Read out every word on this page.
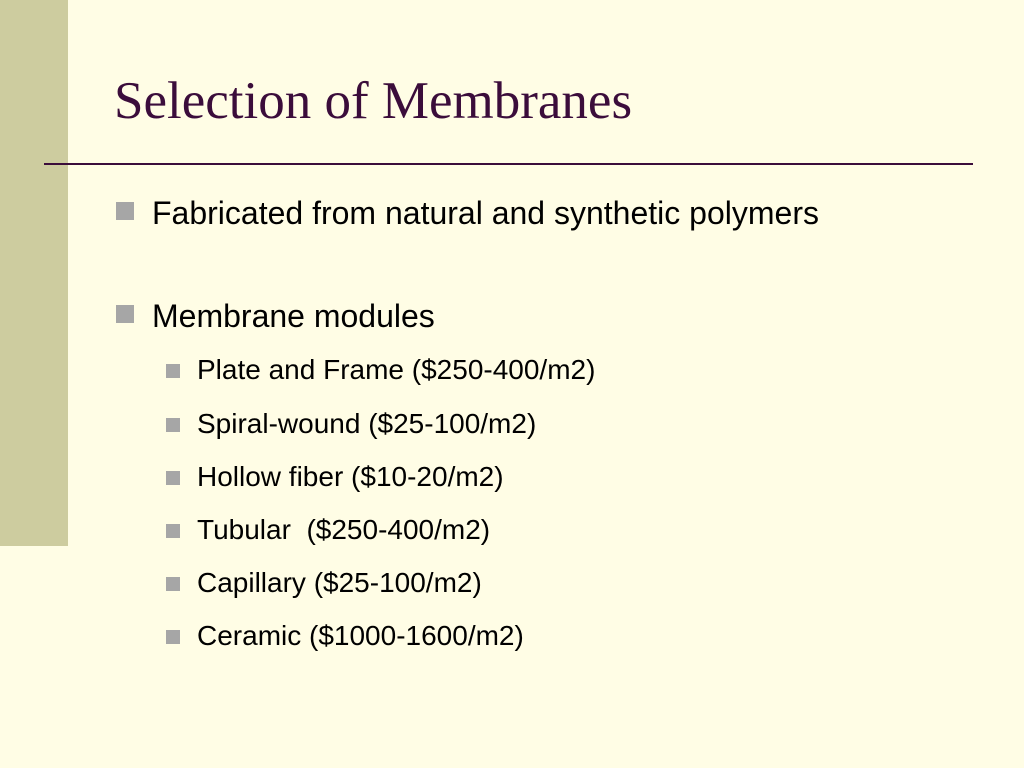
Selection of Membranes
Fabricated from natural and synthetic polymers
Membrane modules
Plate and Frame ($250-400/m2)
Spiral-wound ($25-100/m2)
Hollow fiber ($10-20/m2)
Tubular  ($250-400/m2)
Capillary ($25-100/m2)
Ceramic ($1000-1600/m2)
